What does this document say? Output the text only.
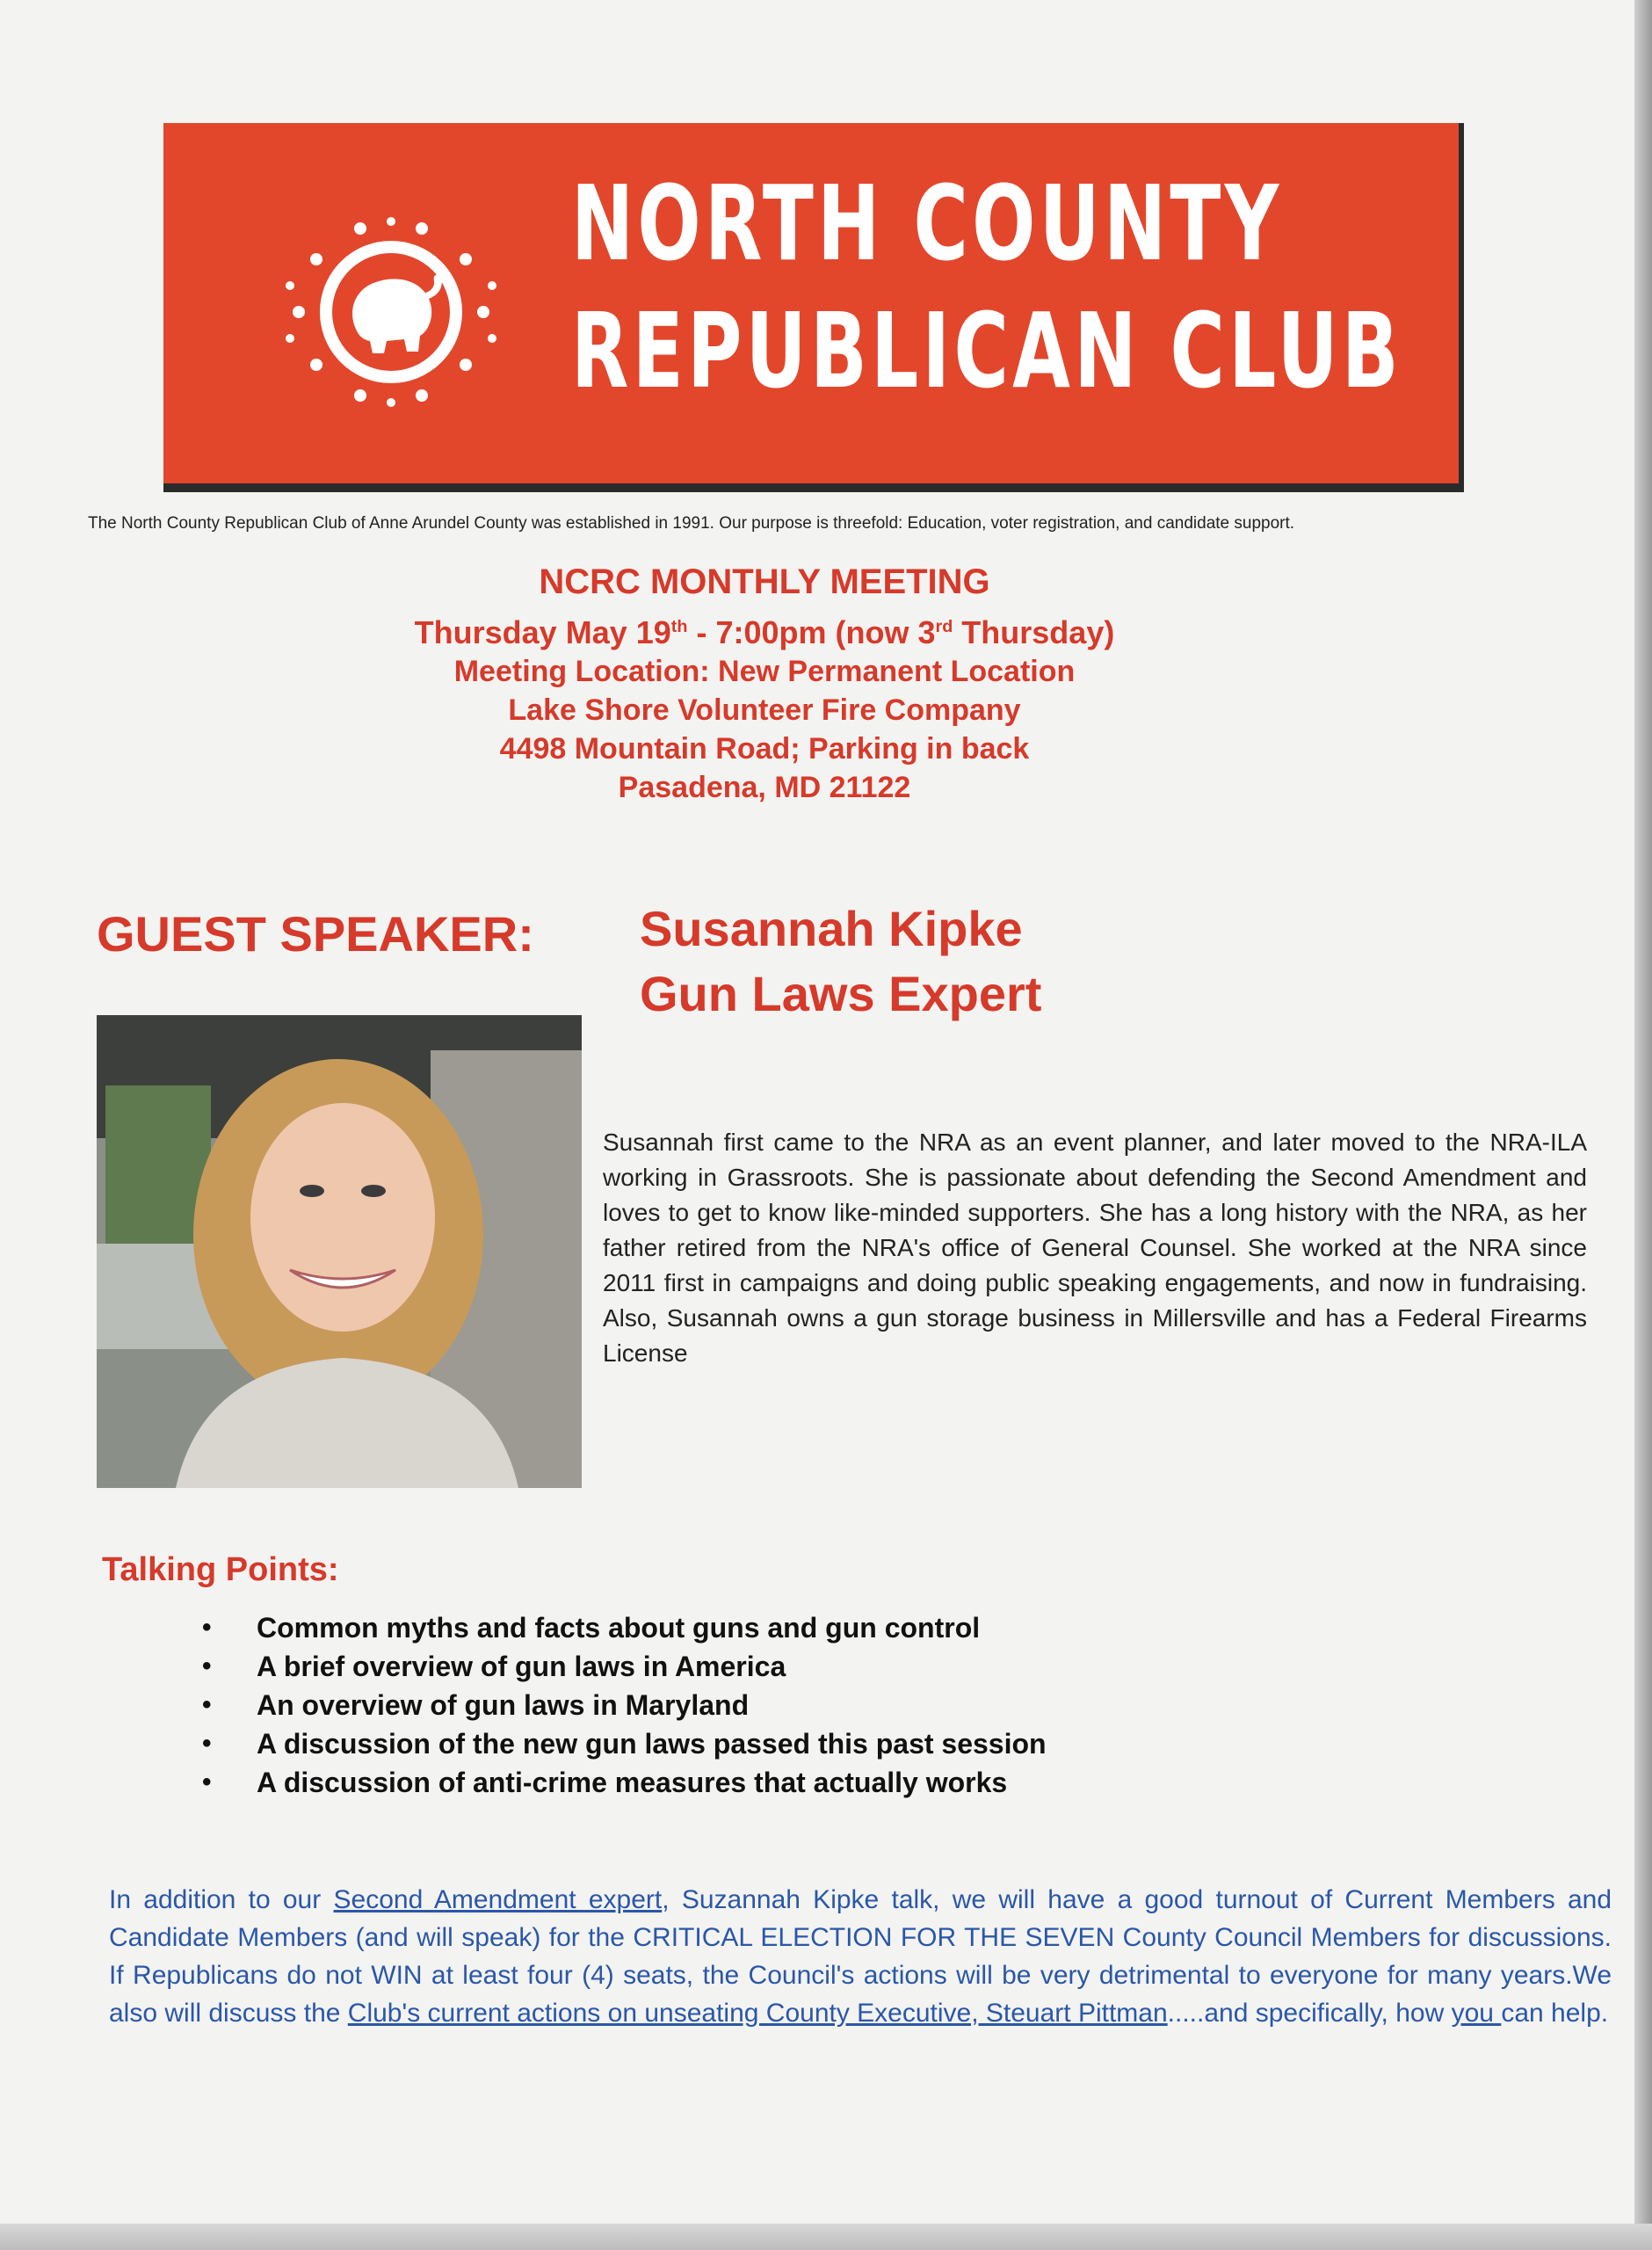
NORTH COUNTY
REPUBLICAN CLUB
The North County Republican Club of Anne Arundel County was established in 1991. Our purpose is threefold: Education, voter registration, and candidate support.
NCRC MONTHLY MEETING
Thursday May 19th - 7:00pm (now 3rd Thursday)
Meeting Location: New Permanent Location
Lake Shore Volunteer Fire Company
4498 Mountain Road; Parking in back
Pasadena, MD 21122
GUEST SPEAKER: Susannah Kipke
Gun Laws Expert
Susannah first came to the NRA as an event planner, and later moved to the NRA-ILA working in Grassroots. She is passionate about defending the Second Amendment and loves to get to know like-minded supporters. She has a long history with the NRA, as her father retired from the NRA's office of General Counsel. She worked at the NRA since 2011 first in campaigns and doing public speaking engagements, and now in fundraising. Also, Susannah owns a gun storage business in Millersville and has a Federal Firearms License
Talking Points:
• Common myths and facts about guns and gun control
• A brief overview of gun laws in America
• An overview of gun laws in Maryland
• A discussion of the new gun laws passed this past session
• A discussion of anti-crime measures that actually works
In addition to our Second Amendment expert, Suzannah Kipke talk, we will have a good turnout of Current Members and Candidate Members (and will speak) for the CRITICAL ELECTION FOR THE SEVEN County Council Members for discussions. If Republicans do not WIN at least four (4) seats, the Council's actions will be very detrimental to everyone for many years.We also will discuss the Club's current actions on unseating County Executive, Steuart Pittman.....and specifically, how you can help.
